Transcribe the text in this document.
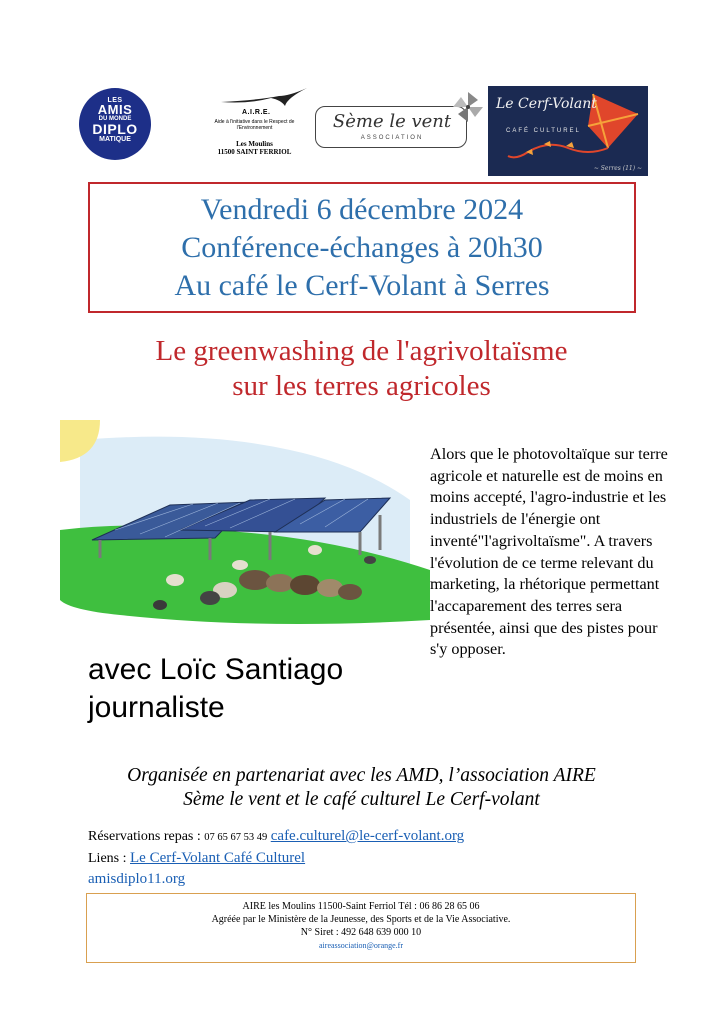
LES
AMIS
DU MONDE
DIPLO
MATIQUE
A.I.R.E.
Aide à l'initiative dans le Respect de l'Environnement
Les Moulins
11500 SAINT FERRIOL
Sème le vent
ASSOCIATION
Le Cerf-Volant
CAFÉ CULTUREL
~ Serres (11) ~
Vendredi 6 décembre 2024
Conférence-échanges à 20h30
Au café le Cerf-Volant à Serres
Le greenwashing de l'agrivoltaïsme
sur les terres agricoles
Alors que le photovoltaïque sur terre agricole et naturelle est de moins en moins accepté, l'agro-industrie et les industriels de l'énergie ont inventé"l'agrivoltaïsme". A travers l'évolution de ce terme relevant du marketing, la rhétorique permettant l'accaparement des terres sera présentée, ainsi que des pistes pour s'y opposer.
avec Loïc Santiago
journaliste
Organisée en partenariat avec les AMD, l’association AIRE
Sème le vent et le café culturel Le Cerf-volant
Réservations repas : 07 65 67 53 49 cafe.culturel@le-cerf-volant.org
Liens : Le Cerf-Volant Café Culturel
amisdiplo11.org
AIRE les Moulins 11500-Saint Ferriol Tél : 06 86 28 65 06
Agréée par le Ministère de la Jeunesse, des Sports et de la Vie Associative.
N° Siret : 492 648 639 000 10
aireassociation@orange.fr
